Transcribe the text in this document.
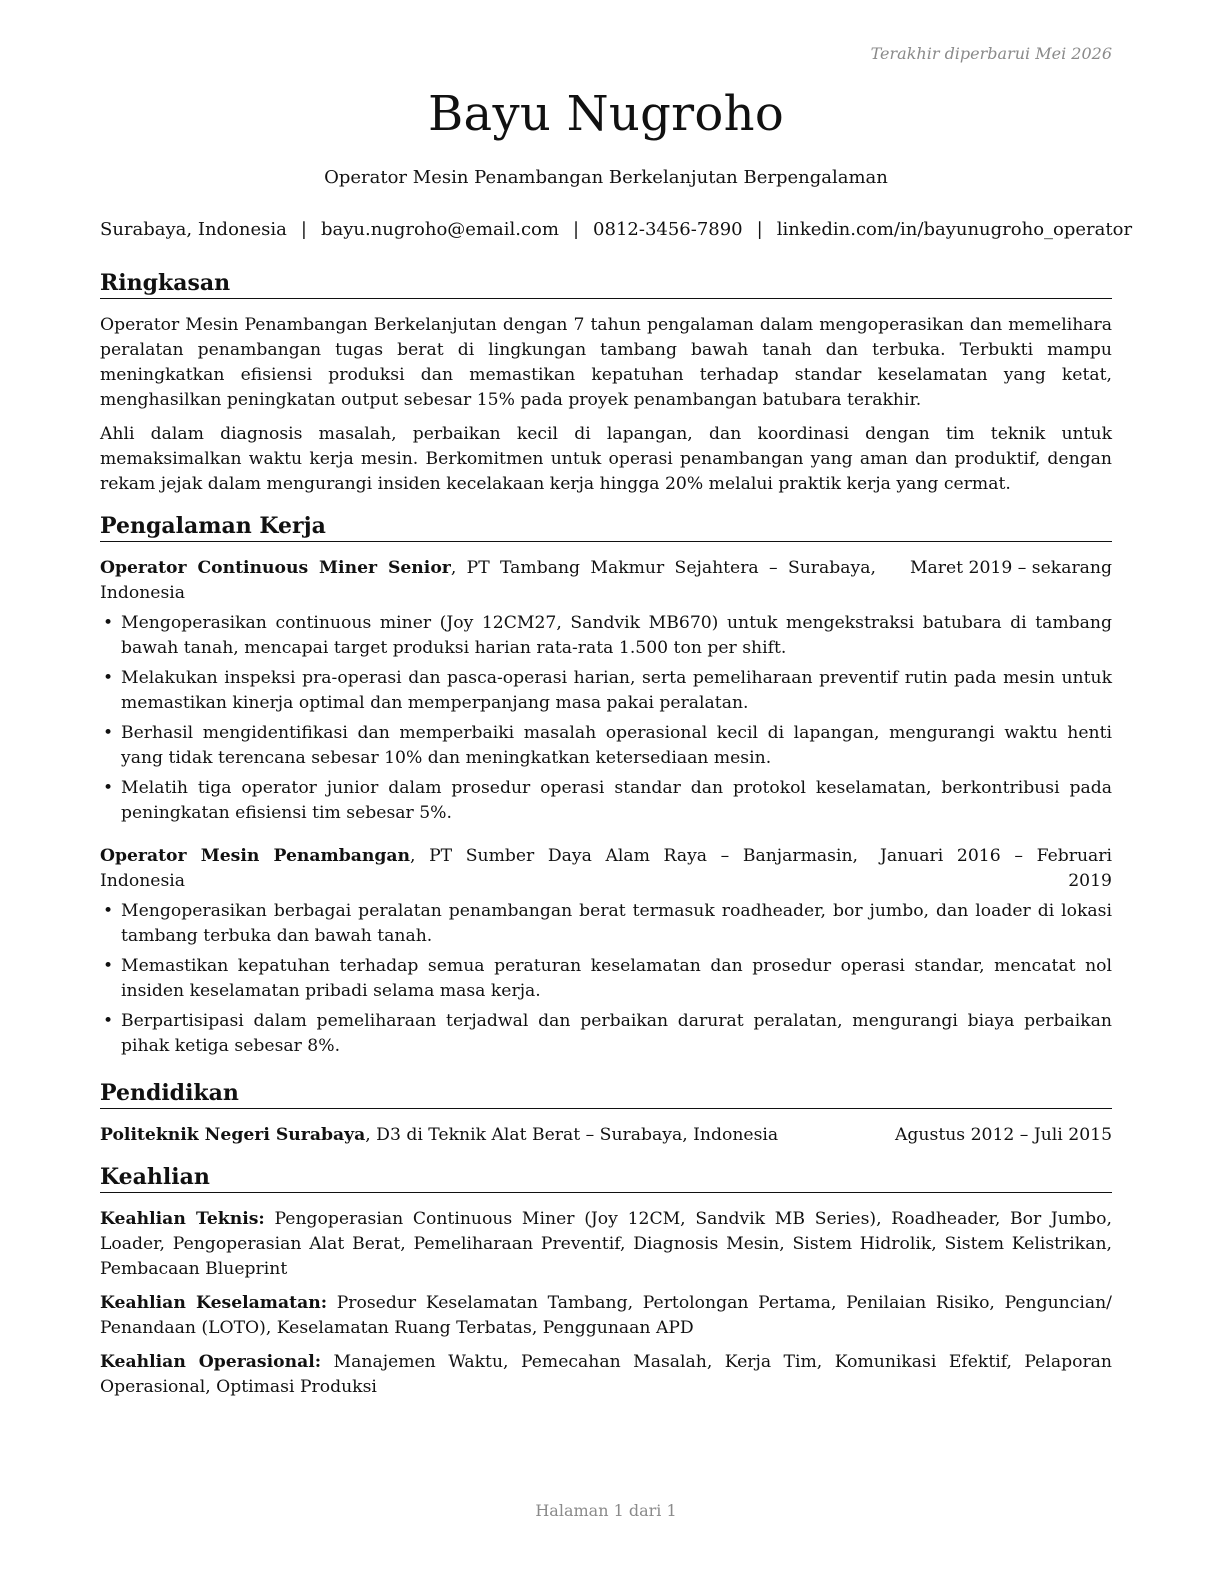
Terakhir diperbarui Mei 2026
Bayu Nugroho
Operator Mesin Penambangan Berkelanjutan Berpengalaman
Surabaya, Indonesia | bayu.nugroho@email.com | 0812-3456-7890 | linkedin.com/in/bayunugroho_operator
Ringkasan

Operator Mesin Penambangan Berkelanjutan dengan 7 tahun pengalaman dalam mengoperasikan dan memelihara peralatan penambangan tugas berat di lingkungan tambang bawah tanah dan terbuka. Terbukti mampu meningkatkan efisiensi produksi dan memastikan kepatuhan terhadap standar keselamatan yang ketat, menghasilkan peningkatan output sebesar 15% pada proyek penambangan batubara terakhir.

Ahli dalam diagnosis masalah, perbaikan kecil di lapangan, dan koordinasi dengan tim teknik untuk memaksimalkan waktu kerja mesin. Berkomitmen untuk operasi penambangan yang aman dan produktif, dengan rekam jejak dalam mengurangi insiden kecelakaan kerja hingga 20% melalui praktik kerja yang cermat.

Pengalaman Kerja
Operator Continuous Miner Senior, PT Tambang Makmur Sejahtera – Surabaya, Indonesia
Maret 2019 – sekarang
• Mengoperasikan continuous miner (Joy 12CM27, Sandvik MB670) untuk mengekstraksi batubara di tambang bawah tanah, mencapai target produksi harian rata-rata 1.500 ton per shift.
• Melakukan inspeksi pra-operasi dan pasca-operasi harian, serta pemeliharaan preventif rutin pada mesin untuk memastikan kinerja optimal dan memperpanjang masa pakai peralatan.
• Berhasil mengidentifikasi dan memperbaiki masalah operasional kecil di lapangan, mengurangi waktu henti yang tidak terencana sebesar 10% dan meningkatkan ketersediaan mesin.
• Melatih tiga operator junior dalam prosedur operasi standar dan protokol keselamatan, berkontribusi pada peningkatan efisiensi tim sebesar 5%.
Operator Mesin Penambangan, PT Sumber Daya Alam Raya – Banjarmasin, Indonesia
Januari 2016 – Februari 2019
• Mengoperasikan berbagai peralatan penambangan berat termasuk roadheader, bor jumbo, dan loader di lokasi tambang terbuka dan bawah tanah.
• Memastikan kepatuhan terhadap semua peraturan keselamatan dan prosedur operasi standar, mencatat nol insiden keselamatan pribadi selama masa kerja.
• Berpartisipasi dalam pemeliharaan terjadwal dan perbaikan darurat peralatan, mengurangi biaya perbaikan pihak ketiga sebesar 8%.
Pendidikan
Politeknik Negeri Surabaya, D3 di Teknik Alat Berat – Surabaya, Indonesia	Agustus 2012 – Juli 2015
Keahlian
Keahlian Teknis: Pengoperasian Continuous Miner (Joy 12CM, Sandvik MB Series), Roadheader, Bor Jumbo, Loader, Pengoperasian Alat Berat, Pemeliharaan Preventif, Diagnosis Mesin, Sistem Hidrolik, Sistem Kelistrikan, Pembacaan Blueprint
Keahlian Keselamatan: Prosedur Keselamatan Tambang, Pertolongan Pertama, Penilaian Risiko, Penguncian/ Penandaan (LOTO), Keselamatan Ruang Terbatas, Penggunaan APD
Keahlian Operasional: Manajemen Waktu, Pemecahan Masalah, Kerja Tim, Komunikasi Efektif, Pelaporan Operasional, Optimasi Produksi
Halaman 1 dari 1
